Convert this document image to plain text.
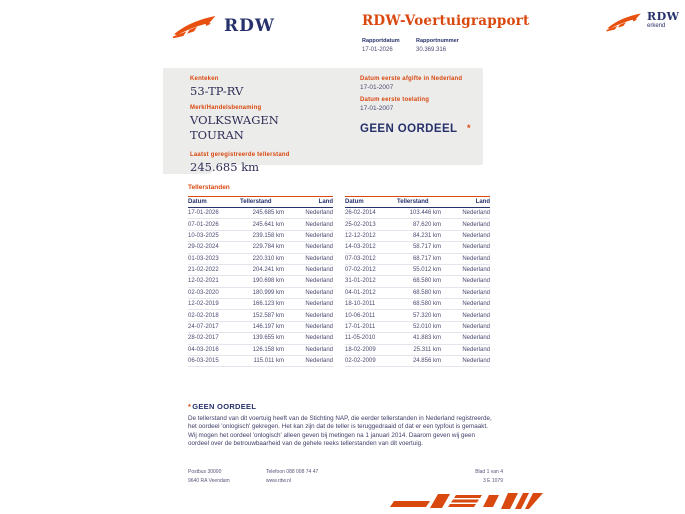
RDW	RDW-Voertuigrapport
Rapportdatum
17-01-2026
Rapportnummer
30.369.316
RDW
erkend
Kenteken
53-TP-RV
Merk/Handelsbenaming
VOLKSWAGEN
TOURAN
Laatst geregistreerde tellerstand
245.685 km
Datum eerste afgifte in Nederland
17-01-2007
Datum eerste toelating
17-01-2007
GEEN OORDEEL	*
Tellerstanden
Datum	Tellerstand	Land
17-01-2026	245.685 km	Nederland
07-01-2026	245.641 km	Nederland
10-03-2025	239.158 km	Nederland
29-02-2024	229.784 km	Nederland
01-03-2023	220.310 km	Nederland
21-02-2022	204.241 km	Nederland
12-02-2021	190.698 km	Nederland
02-03-2020	180.999 km	Nederland
12-02-2019	166.123 km	Nederland
02-02-2018	152.587 km	Nederland
24-07-2017	146.197 km	Nederland
28-02-2017	139.655 km	Nederland
04-03-2016	126.158 km	Nederland
06-03-2015	115.011 km	Nederland
Datum	Tellerstand	Land
26-02-2014	103.446 km	Nederland
25-02-2013	87.620 km	Nederland
12-12-2012	84.231 km	Nederland
14-03-2012	58.717 km	Nederland
07-03-2012	68.717 km	Nederland
07-02-2012	55.012 km	Nederland
31-01-2012	68.580 km	Nederland
04-01-2012	68.580 km	Nederland
18-10-2011	68.580 km	Nederland
10-06-2011	57.320 km	Nederland
17-01-2011	52.010 km	Nederland
11-05-2010	41.883 km	Nederland
18-02-2009	25.311 km	Nederland
02-02-2009	24.856 km	Nederland
*GEEN OORDEEL
De tellerstand van dit voertuig heeft van de Stichting NAP, die eerder tellerstanden in Nederland registreerde, het oordeel 'onlogisch' gekregen. Het kan zijn dat de teller is teruggedraaid of dat er een typfout is gemaakt. Wij mogen het oordeel 'onlogisch' alleen geven bij metingen na 1 januari 2014. Daarom geven wij geen oordeel over de betrouwbaarheid van de gehele reeks tellerstanden van dit voertuig.
Postbus 30000
9640 RA Veendam
Telefoon 088 008 74 47
www.rdw.nl
Blad 1 van 4
3 E 1079
